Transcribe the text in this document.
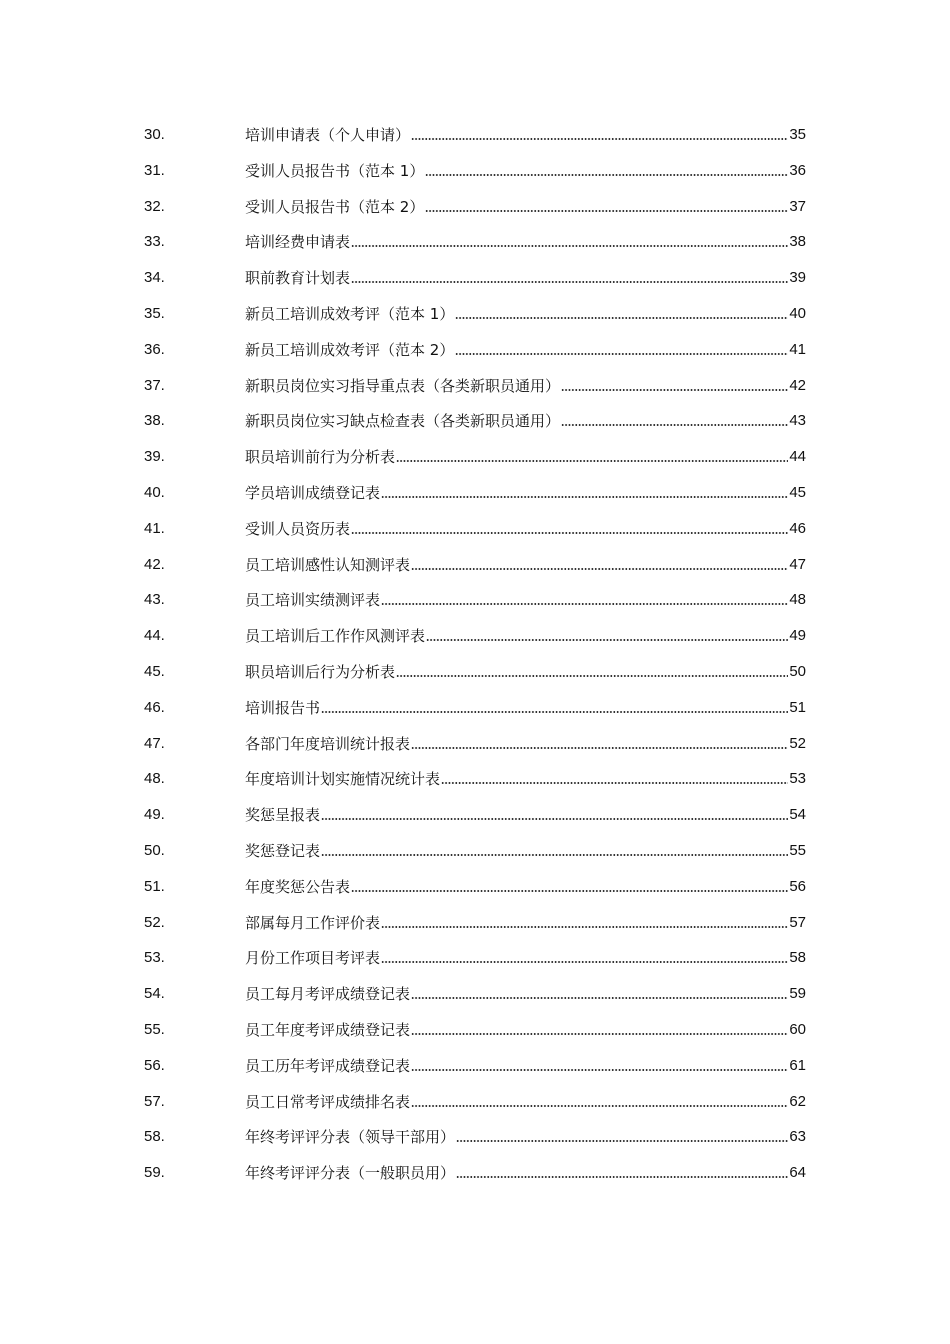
30.	培训申请表（个人申请）	35
31.	受训人员报告书（范本 1）	36
32.	受训人员报告书（范本 2）	37
33.	培训经费申请表	38
34.	职前教育计划表	39
35.	新员工培训成效考评（范本 1）	40
36.	新员工培训成效考评（范本 2）	41
37.	新职员岗位实习指导重点表（各类新职员通用）	42
38.	新职员岗位实习缺点检查表（各类新职员通用）	43
39.	职员培训前行为分析表	44
40.	学员培训成绩登记表	45
41.	受训人员资历表	46
42.	员工培训感性认知测评表	47
43.	员工培训实绩测评表	48
44.	员工培训后工作作风测评表	49
45.	职员培训后行为分析表	50
46.	培训报告书	51
47.	各部门年度培训统计报表	52
48.	年度培训计划实施情况统计表	53
49.	奖惩呈报表	54
50.	奖惩登记表	55
51.	年度奖惩公告表	56
52.	部属每月工作评价表	57
53.	月份工作项目考评表	58
54.	员工每月考评成绩登记表	59
55.	员工年度考评成绩登记表	60
56.	员工历年考评成绩登记表	61
57.	员工日常考评成绩排名表	62
58.	年终考评评分表（领导干部用）	63
59.	年终考评评分表（一般职员用）	64
